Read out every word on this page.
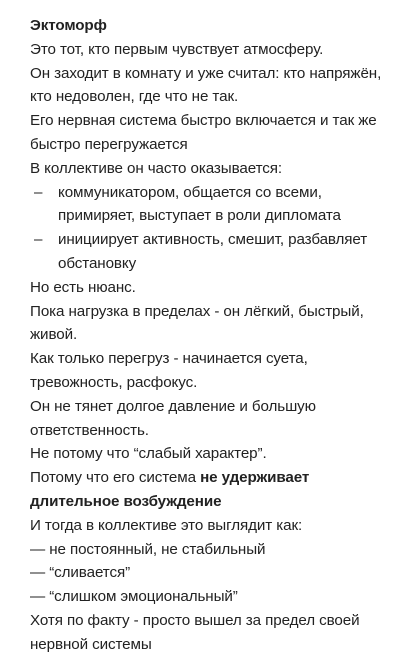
Эктоморф
Это тот, кто первым чувствует атмосферу.
Он заходит в комнату и уже считал: кто напряжён, кто недоволен, где что не так.
Его нервная система быстро включается и так же быстро перегружается
В коллективе он часто оказывается:
– коммуникатором, общается со всеми, примиряет, выступает в роли дипломата
– инициирует активность, смешит, разбавляет обстановку
Но есть нюанс.
Пока нагрузка в пределах - он лёгкий, быстрый, живой.
Как только перегруз - начинается суета, тревожность, расфокус.
Он не тянет долгое давление и большую ответственность.
Не потому что “слабый характер”.
Потому что его система не удерживает длительное возбуждение
И тогда в коллективе это выглядит как:
— не постоянный, не стабильный
— “сливается”
— “слишком эмоциональный”
Хотя по факту - просто вышел за предел своей нервной системы
